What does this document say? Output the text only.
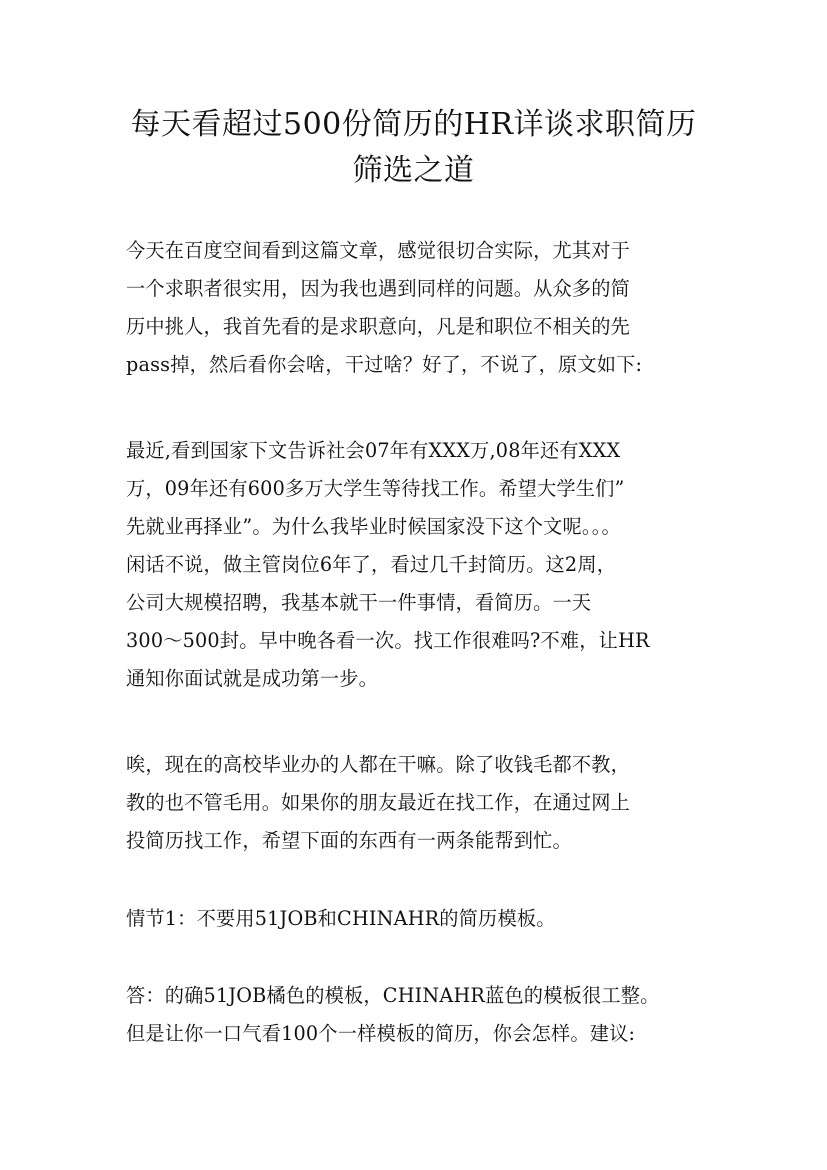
每天看超过500份简历的HR详谈求职简历
筛选之道

今天在百度空间看到这篇文章，感觉很切合实际，尤其对于
一个求职者很实用，因为我也遇到同样的问题。从众多的简
历中挑人，我首先看的是求职意向，凡是和职位不相关的先
pass掉，然后看你会啥，干过啥？好了，不说了，原文如下:

最近,看到国家下文告诉社会07年有XXX万,08年还有XXX
万，09年还有600多万大学生等待找工作。希望大学生们”
先就业再择业”。为什么我毕业时候国家没下这个文呢。。。
闲话不说，做主管岗位6年了，看过几千封简历。这2周，
公司大规模招聘，我基本就干一件事情，看简历。一天
300～500封。早中晚各看一次。找工作很难吗?不难，让HR
通知你面试就是成功第一步。

唉，现在的高校毕业办的人都在干嘛。除了收钱毛都不教，
教的也不管毛用。如果你的朋友最近在找工作，在通过网上
投简历找工作，希望下面的东西有一两条能帮到忙。

情节1：不要用51JOB和CHINAHR的简历模板。

答：的确51JOB橘色的模板，CHINAHR蓝色的模板很工整。
但是让你一口气看100个一样模板的简历，你会怎样。建议:
